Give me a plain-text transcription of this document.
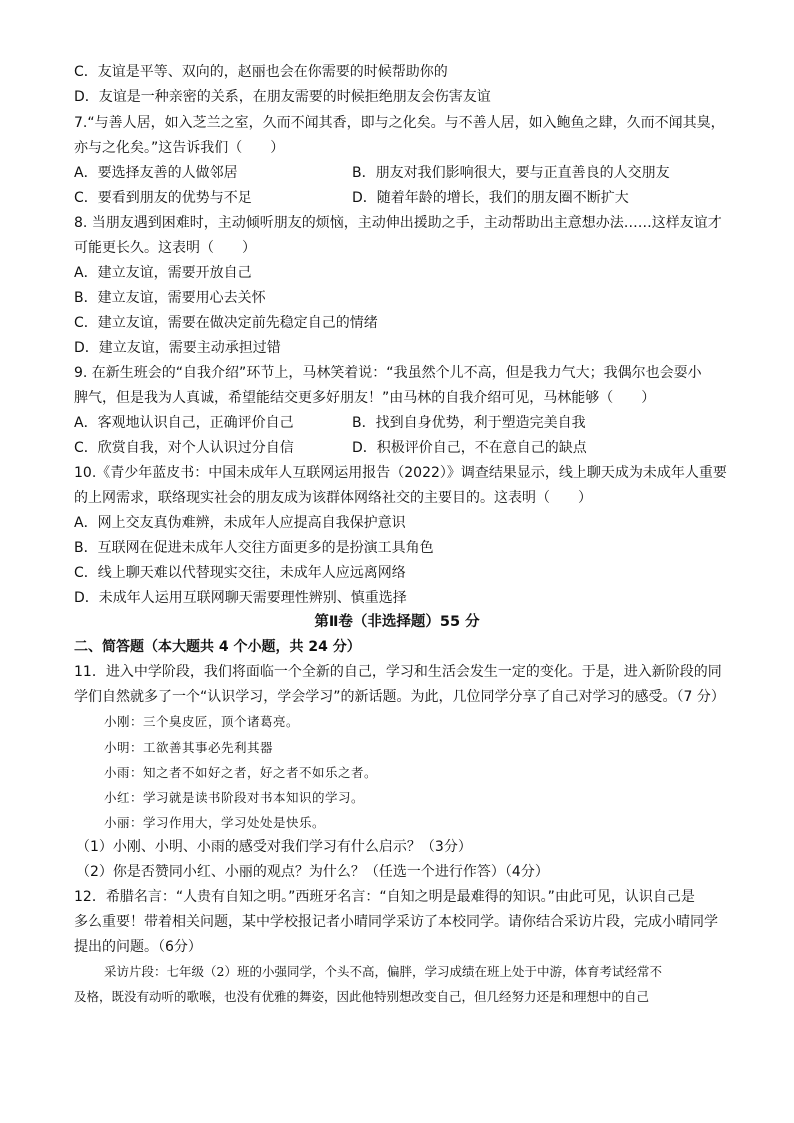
C．友谊是平等、双向的，赵丽也会在你需要的时候帮助你的
D．友谊是一种亲密的关系，在朋友需要的时候拒绝朋友会伤害友谊
7.“与善人居，如入芝兰之室，久而不闻其香，即与之化矣。与不善人居，如入鲍鱼之肆，久而不闻其臭，
亦与之化矣。”这告诉我们（　　）
A．要选择友善的人做邻居	B．朋友对我们影响很大，要与正直善良的人交朋友
C．要看到朋友的优势与不足	D．随着年龄的增长，我们的朋友圈不断扩大
8. 当朋友遇到困难时，主动倾听朋友的烦恼，主动伸出援助之手，主动帮助出主意想办法……这样友谊才
可能更长久。这表明（　　）
A．建立友谊，需要开放自己
B．建立友谊，需要用心去关怀
C．建立友谊，需要在做决定前先稳定自己的情绪
D．建立友谊，需要主动承担过错
9. 在新生班会的“自我介绍”环节上，马林笑着说：“我虽然个儿不高，但是我力气大；我偶尔也会耍小
脾气，但是我为人真诚，希望能结交更多好朋友！”由马林的自我介绍可见，马林能够（　　）
A．客观地认识自己，正确评价自己	B．找到自身优势，利于塑造完美自我
C．欣赏自我，对个人认识过分自信	D．积极评价自己，不在意自己的缺点
10.《青少年蓝皮书：中国未成年人互联网运用报告（2022）》调查结果显示，线上聊天成为未成年人重要
的上网需求，联络现实社会的朋友成为该群体网络社交的主要目的。这表明（　　）
A．网上交友真伪难辨，未成年人应提高自我保护意识
B．互联网在促进未成年人交往方面更多的是扮演工具角色
C．线上聊天难以代替现实交往，未成年人应远离网络
D．未成年人运用互联网聊天需要理性辨别、慎重选择
第Ⅱ卷（非选择题）55 分
二、简答题（本大题共 4 个小题，共 24 分）
11．进入中学阶段，我们将面临一个全新的自己，学习和生活会发生一定的变化。于是，进入新阶段的同
学们自然就多了一个“认识学习，学会学习”的新话题。为此，几位同学分享了自己对学习的感受。（7 分）
小刚：三个臭皮匠，顶个诸葛亮。
小明：工欲善其事必先利其器
小雨：知之者不如好之者，好之者不如乐之者。
小红：学习就是读书阶段对书本知识的学习。
小丽：学习作用大，学习处处是快乐。
（1）小刚、小明、小雨的感受对我们学习有什么启示？（3分）
（2）你是否赞同小红、小丽的观点？为什么？（任选一个进行作答）（4分）
12．希腊名言：“人贵有自知之明。”西班牙名言：“自知之明是最难得的知识。”由此可见，认识自己是
多么重要！带着相关问题，某中学校报记者小晴同学采访了本校同学。请你结合采访片段，完成小晴同学
提出的问题。（6分）
采访片段：七年级（2）班的小强同学，个头不高，偏胖，学习成绩在班上处于中游，体育考试经常不
及格，既没有动听的歌喉，也没有优雅的舞姿，因此他特别想改变自己，但几经努力还是和理想中的自己
